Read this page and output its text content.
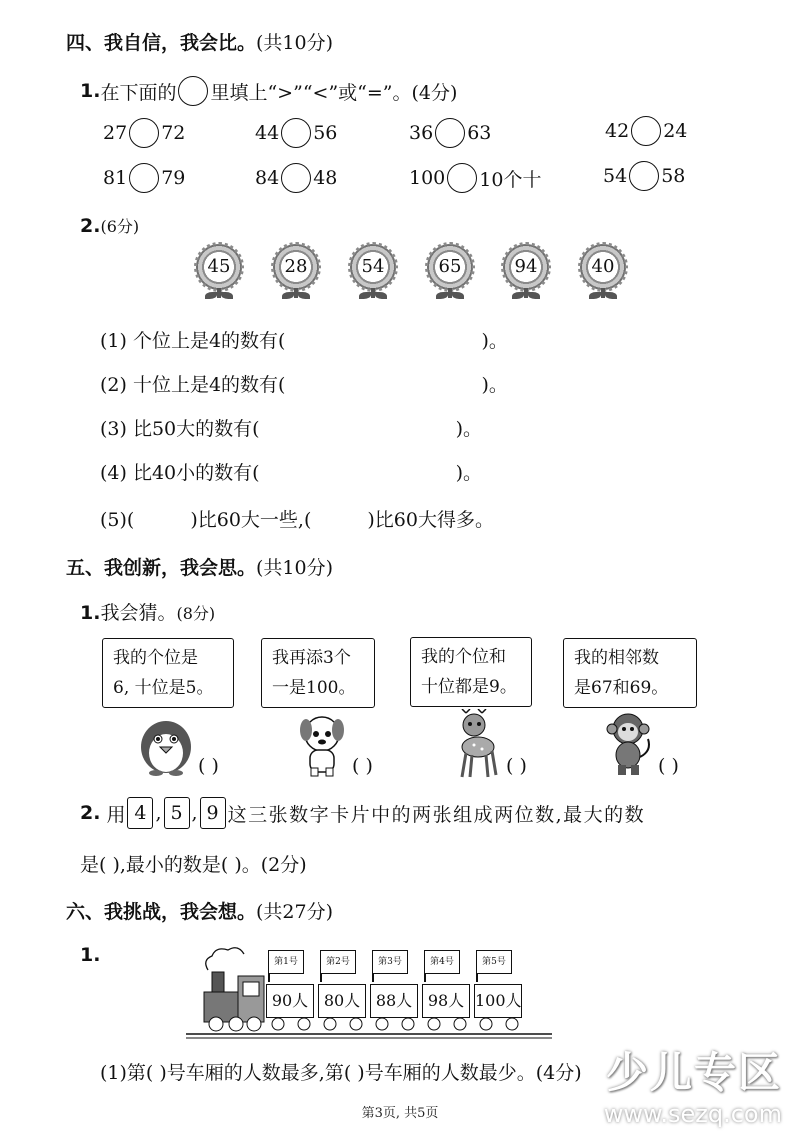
四、我自信，我会比。(共10分)
1. 在下面的 里填上“>”“<”或“=”。(4分)
27 72	44 56	36 63	42 24
81 79	84 48	100 10个十	54 58
2.(6分)
45	28	54	65	94	40
(1) 个位上是4的数有(	)。
(2) 十位上是4的数有(	)。
(3) 比50大的数有(	)。
(4) 比40小的数有(	)。
(5)(	)比60大一些,(	)比60大得多。
五、我创新，我会思。(共10分)
1.我会猜。(8分)
我的个位是
6, 十位是5。
我再添3个
一是100。
我的个位和
十位都是9。
我的相邻数
是67和69。
( )	( )	( )	( )
2. 用 4 , 5 , 9 这三张数字卡片中的两张组成两位数,最大的数
是( ),最小的数是( )。(2分)
六、我挑战，我会想。(共27分)
1.	第1号
90人
第2号
80人
第3号
88人
第4号
98人
第5号
100人
(1)第( )号车厢的人数最多,第( )号车厢的人数最少。(4分) 少儿专区
www.sezq.com
第3页, 共5页
